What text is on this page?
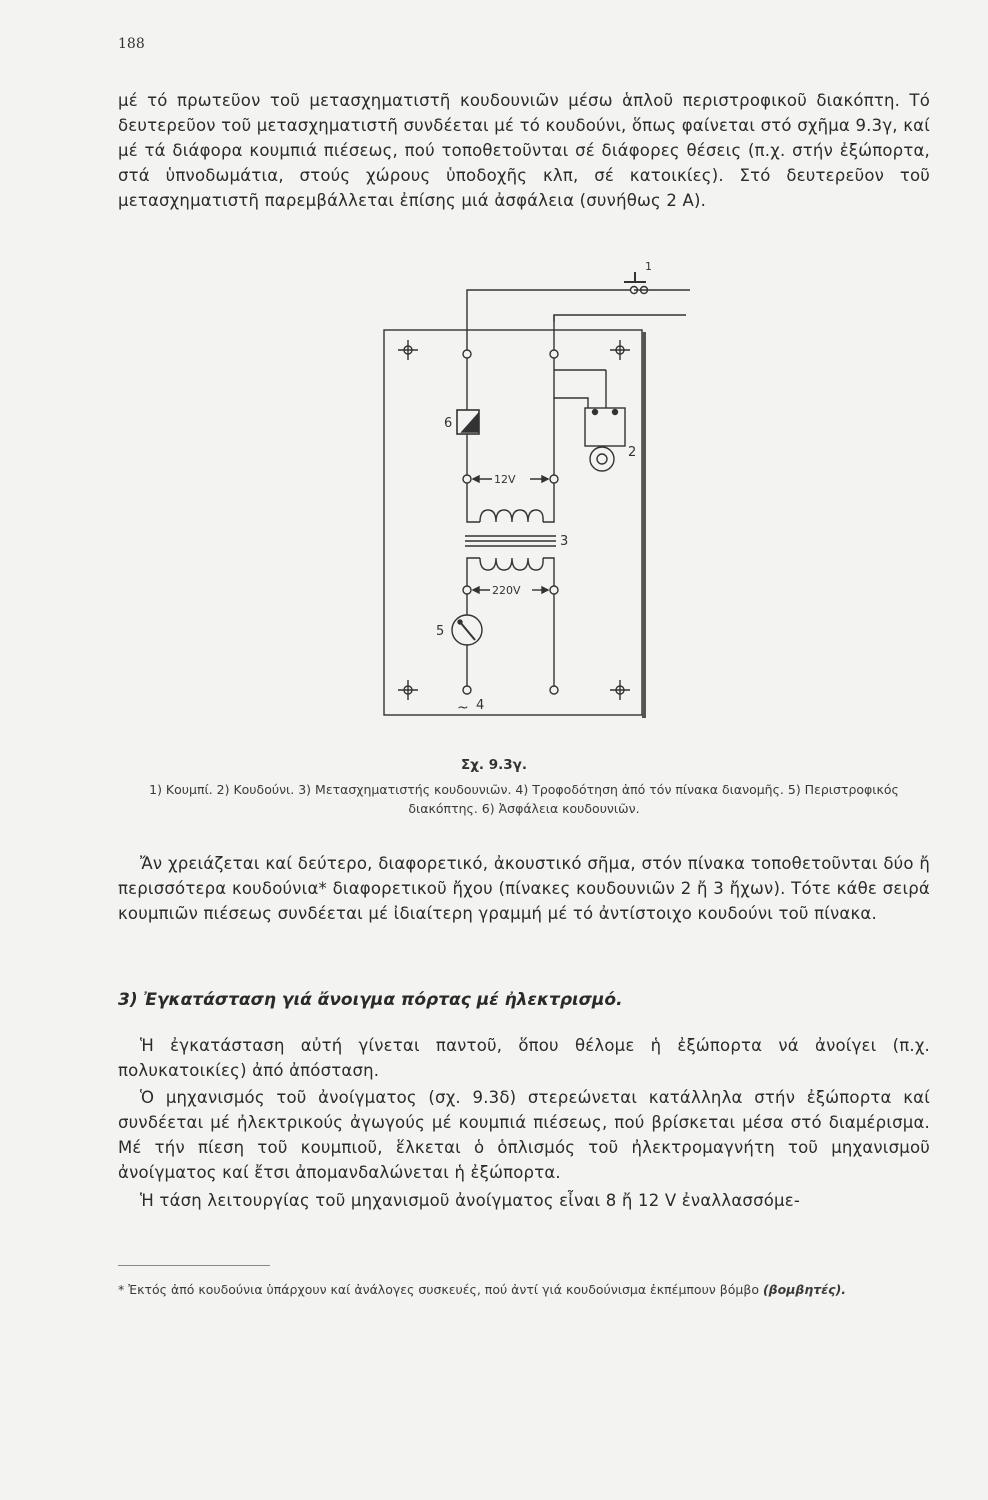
188

μέ τό πρωτεῦον τοῦ μετασχηματιστῆ κουδουνιῶν μέσω ἁπλοῦ περιστροφικοῦ διακόπτη. Τό δευτερεῦον τοῦ μετασχηματιστῆ συνδέεται μέ τό κουδούνι, ὅπως φαίνεται στό σχῆμα 9.3γ, καί μέ τά διάφορα κουμπιά πιέσεως, πού τοποθετοῦνται σέ διάφορες θέσεις (π.χ. στήν ἐξώπορτα, στά ὑπνοδωμάτια, στούς χώρους ὑποδοχῆς κλπ, σέ κατοικίες). Στό δευτερεῦον τοῦ μετασχηματιστῆ παρεμβάλλεται ἐπίσης μιά ἀσφάλεια (συνήθως 2 A).

1
2
3
6
5
~ 4
12V
220V
Σχ. 9.3γ.

1) Κουμπί. 2) Κουδούνι. 3) Μετασχηματιστής κουδουνιῶν. 4) Τροφοδότηση ἀπό τόν πίνακα διανομῆς. 5) Περιστροφικός διακόπτης. 6) Ἀσφάλεια κουδουνιῶν.

Ἄν χρειάζεται καί δεύτερο, διαφορετικό, ἀκουστικό σῆμα, στόν πίνακα τοποθετοῦνται δύο ἤ περισσότερα κουδούνια* διαφορετικοῦ ἤχου (πίνακες κουδουνιῶν 2 ἤ 3 ἤχων). Τότε κάθε σειρά κουμπιῶν πιέσεως συνδέεται μέ ἰδιαίτερη γραμμή μέ τό ἀντίστοιχο κουδούνι τοῦ πίνακα.

3) Ἐγκατάσταση γιά ἄνοιγμα πόρτας μέ ἠλεκτρισμό.

Ἡ ἐγκατάσταση αὐτή γίνεται παντοῦ, ὅπου θέλομε ἡ ἐξώπορτα νά ἀνοίγει (π.χ. πολυκατοικίες) ἀπό ἀπόσταση.

Ὁ μηχανισμός τοῦ ἀνοίγματος (σχ. 9.3δ) στερεώνεται κατάλληλα στήν ἐξώπορτα καί συνδέεται μέ ἠλεκτρικούς ἀγωγούς μέ κουμπιά πιέσεως, πού βρίσκεται μέσα στό διαμέρισμα. Μέ τήν πίεση τοῦ κουμπιοῦ, ἕλκεται ὁ ὁπλισμός τοῦ ἠλεκτρομαγνήτη τοῦ μηχανισμοῦ ἀνοίγματος καί ἔτσι ἀπομανδαλώνεται ἡ ἐξώπορτα.

Ἡ τάση λειτουργίας τοῦ μηχανισμοῦ ἀνοίγματος εἶναι 8 ἤ 12 V ἐναλλασσόμε-

* Ἐκτός ἀπό κουδούνια ὑπάρχουν καί ἀνάλογες συσκευές, πού ἀντί γιά κουδούνισμα ἐκπέμπουν βόμβο (βομβητές).
